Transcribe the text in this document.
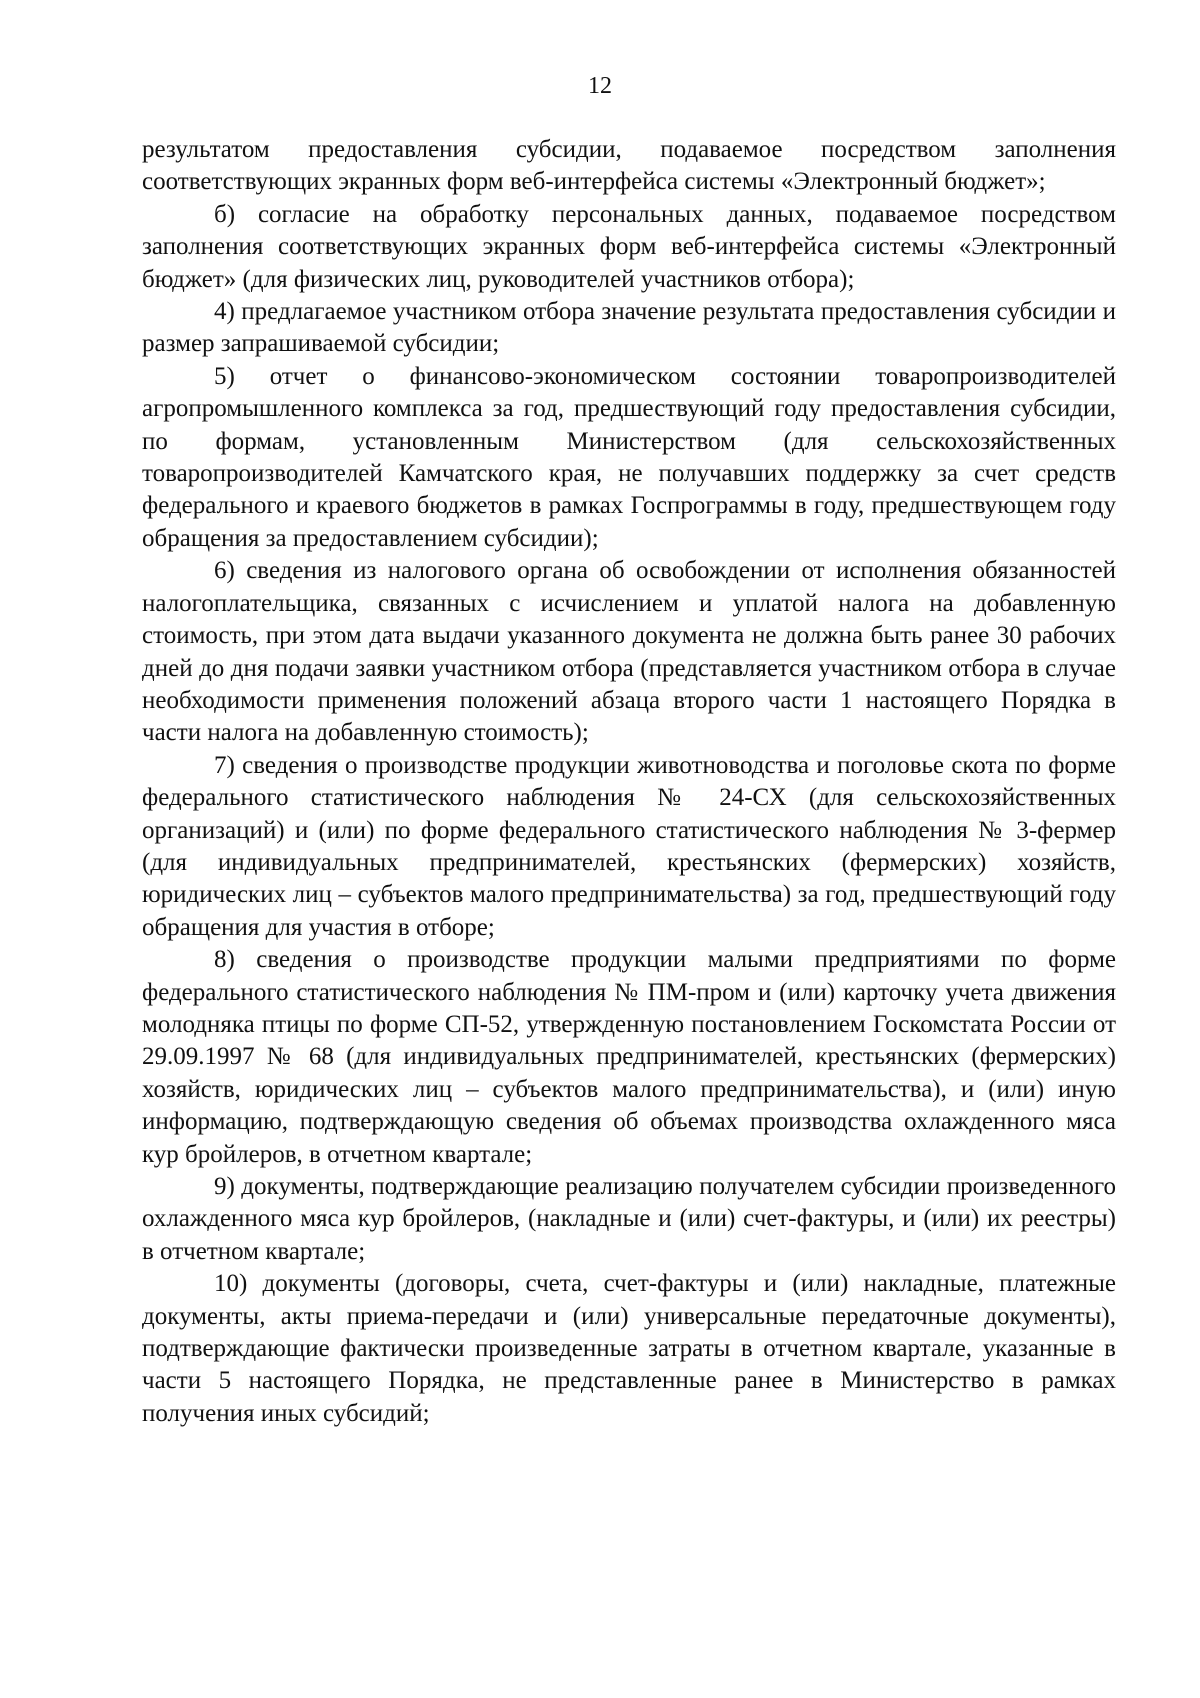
12

результатом предоставления субсидии, подаваемое посредством заполнения соответствующих экранных форм веб-интерфейса системы «Электронный бюджет»;

б) согласие на обработку персональных данных, подаваемое посредством заполнения соответствующих экранных форм веб-интерфейса системы «Электронный бюджет» (для физических лиц, руководителей участников отбора);

4) предлагаемое участником отбора значение результата предоставления субсидии и размер запрашиваемой субсидии;

5) отчет о финансово-экономическом состоянии товаропроизводителей агропромышленного комплекса за год, предшествующий году предоставления субсидии, по формам, установленным Министерством (для сельскохозяйственных товаропроизводителей Камчатского края, не получавших поддержку за счет средств федерального и краевого бюджетов в рамках Госпрограммы в году, предшествующем году обращения за предоставлением субсидии);

6) сведения из налогового органа об освобождении от исполнения обязанностей налогоплательщика, связанных с исчислением и уплатой налога на добавленную стоимость, при этом дата выдачи указанного документа не должна быть ранее 30 рабочих дней до дня подачи заявки участником отбора (представляется участником отбора в случае необходимости применения положений абзаца второго части 1 настоящего Порядка в части налога на добавленную стоимость);

7) сведения о производстве продукции животноводства и поголовье скота по форме федерального статистического наблюдения № 24-СХ (для сельскохозяйственных организаций) и (или) по форме федерального статистического наблюдения № 3-фермер (для индивидуальных предпринимателей, крестьянских (фермерских) хозяйств, юридических лиц – субъектов малого предпринимательства) за год, предшествующий году обращения для участия в отборе;

8) сведения о производстве продукции малыми предприятиями по форме федерального статистического наблюдения № ПМ-пром и (или) карточку учета движения молодняка птицы по форме СП-52, утвержденную постановлением Госкомстата России от 29.09.1997 № 68 (для индивидуальных предпринимателей, крестьянских (фермерских) хозяйств, юридических лиц – субъектов малого предпринимательства), и (или) иную информацию, подтверждающую сведения об объемах производства охлажденного мяса кур бройлеров, в отчетном квартале;

9) документы, подтверждающие реализацию получателем субсидии произведенного охлажденного мяса кур бройлеров, (накладные и (или) счет-фактуры, и (или) их реестры) в отчетном квартале;

10) документы (договоры, счета, счет-фактуры и (или) накладные, платежные документы, акты приема-передачи и (или) универсальные передаточные документы), подтверждающие фактически произведенные затраты в отчетном квартале, указанные в части 5 настоящего Порядка, не представленные ранее в Министерство в рамках получения иных субсидий;
